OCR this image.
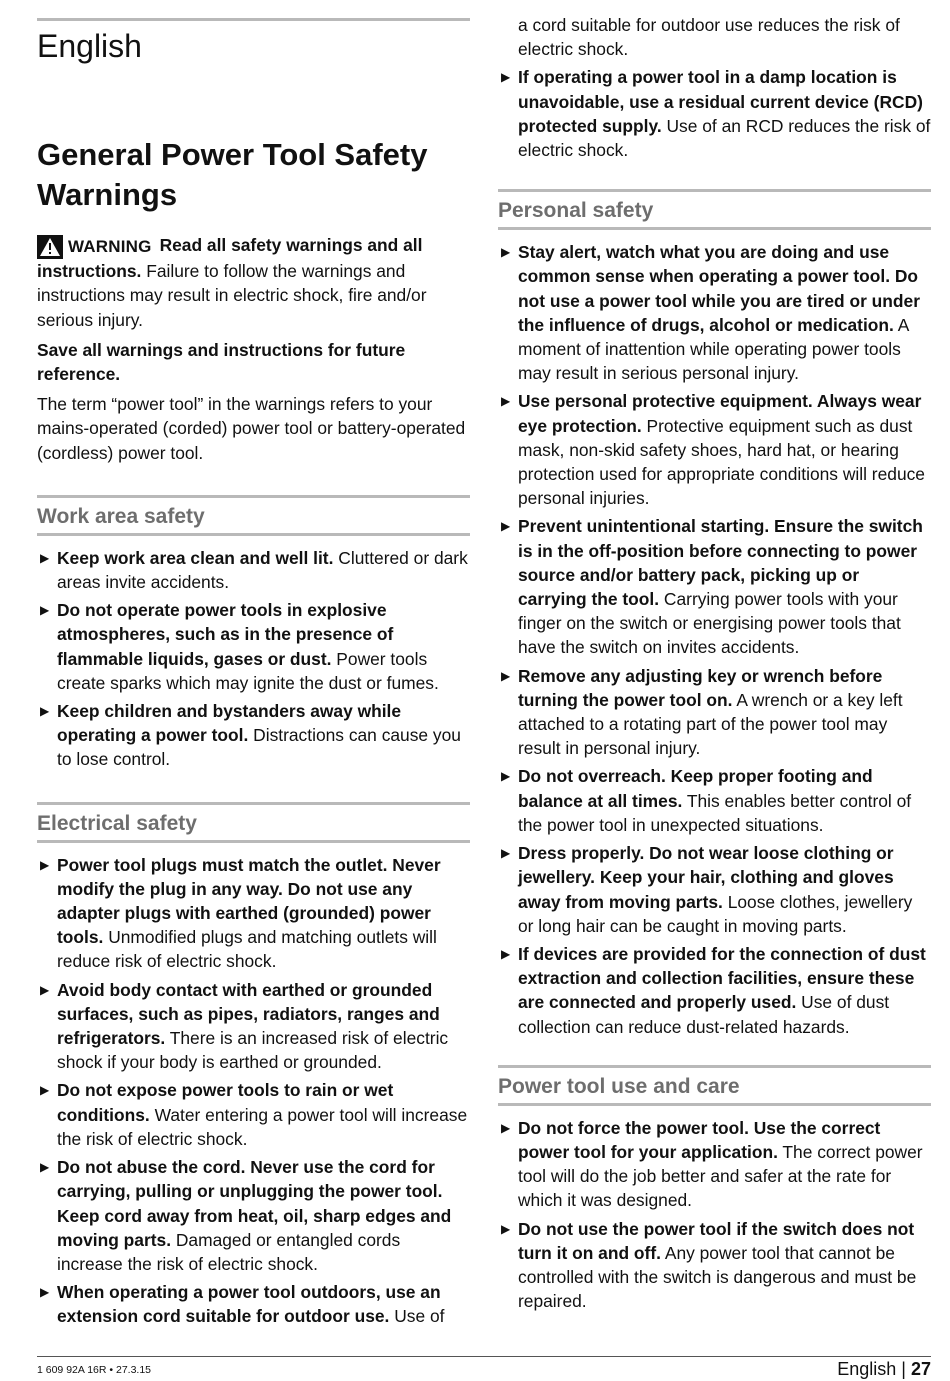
English
General Power Tool Safety Warnings

WARNING Read all safety warnings and all instructions. Failure to follow the warnings and instructions may result in electric shock, fire and/or serious injury.

Save all warnings and instructions for future reference.

The term “power tool” in the warnings refers to your mains-operated (corded) power tool or battery-operated (cordless) power tool.

Work area safety

▶ Keep work area clean and well lit. Cluttered or dark areas invite accidents.

▶ Do not operate power tools in explosive atmospheres, such as in the presence of flammable liquids, gases or dust. Power tools create sparks which may ignite the dust or fumes.

▶ Keep children and bystanders away while operating a power tool. Distractions can cause you to lose control.

Electrical safety

▶ Power tool plugs must match the outlet. Never modify the plug in any way. Do not use any adapter plugs with earthed (grounded) power tools. Unmodified plugs and matching outlets will reduce risk of electric shock.

▶ Avoid body contact with earthed or grounded surfaces, such as pipes, radiators, ranges and refrigerators. There is an increased risk of electric shock if your body is earthed or grounded.

▶ Do not expose power tools to rain or wet conditions. Water entering a power tool will increase the risk of electric shock.

▶ Do not abuse the cord. Never use the cord for carrying, pulling or unplugging the power tool. Keep cord away from heat, oil, sharp edges and moving parts. Damaged or entangled cords increase the risk of electric shock.

▶ When operating a power tool outdoors, use an extension cord suitable for outdoor use. Use of

a cord suitable for outdoor use reduces the risk of electric shock.

▶ If operating a power tool in a damp location is unavoidable, use a residual current device (RCD) protected supply. Use of an RCD reduces the risk of electric shock.

Personal safety

▶ Stay alert, watch what you are doing and use common sense when operating a power tool. Do not use a power tool while you are tired or under the influence of drugs, alcohol or medication. A moment of inattention while operating power tools may result in serious personal injury.

▶ Use personal protective equipment. Always wear eye protection. Protective equipment such as dust mask, non-skid safety shoes, hard hat, or hearing protection used for appropriate conditions will reduce personal injuries.

▶ Prevent unintentional starting. Ensure the switch is in the off-position before connecting to power source and/or battery pack, picking up or carrying the tool. Carrying power tools with your finger on the switch or energising power tools that have the switch on invites accidents.

▶ Remove any adjusting key or wrench before turning the power tool on. A wrench or a key left attached to a rotating part of the power tool may result in personal injury.

▶ Do not overreach. Keep proper footing and balance at all times. This enables better control of the power tool in unexpected situations.

▶ Dress properly. Do not wear loose clothing or jewellery. Keep your hair, clothing and gloves away from moving parts. Loose clothes, jewellery or long hair can be caught in moving parts.

▶ If devices are provided for the connection of dust extraction and collection facilities, ensure these are connected and properly used. Use of dust collection can reduce dust-related hazards.

Power tool use and care

▶ Do not force the power tool. Use the correct power tool for your application. The correct power tool will do the job better and safer at the rate for which it was designed.

▶ Do not use the power tool if the switch does not turn it on and off. Any power tool that cannot be controlled with the switch is dangerous and must be repaired.

1 609 92A 16R • 27.3.15	English | 27
